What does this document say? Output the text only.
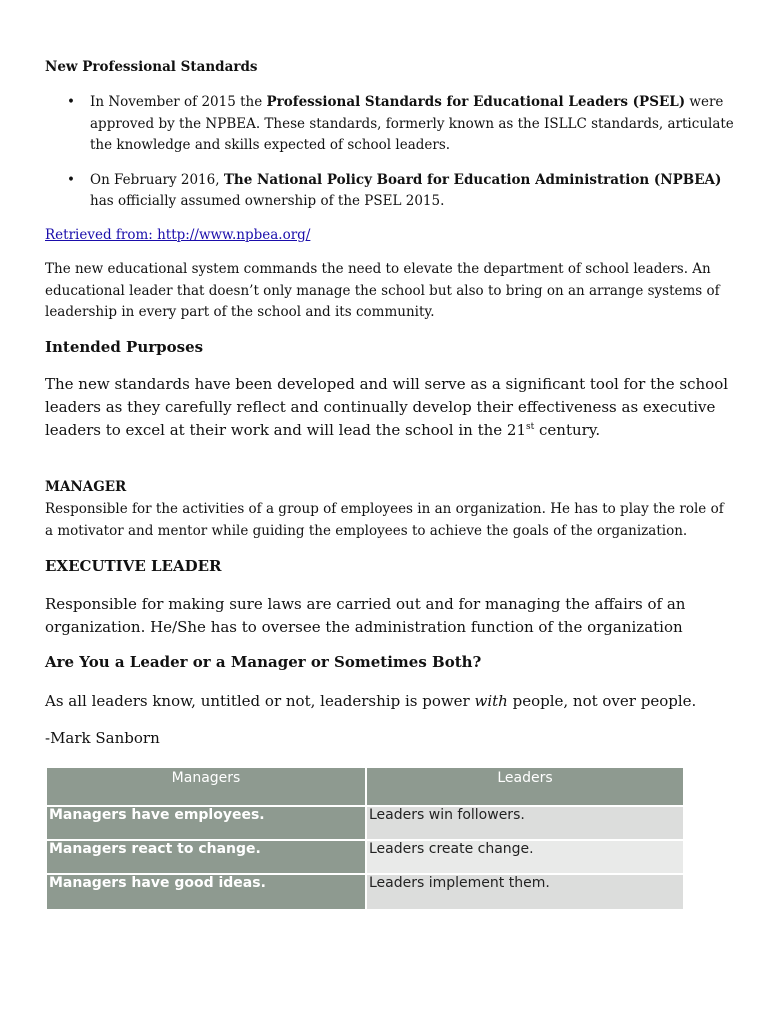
New Professional Standards
• In November of 2015 the Professional Standards for Educational Leaders (PSEL) were approved by the NPBEA. These standards, formerly known as the ISLLC standards, articulate the knowledge and skills expected of school leaders.
• On February 2016, The National Policy Board for Education Administration (NPBEA) has officially assumed ownership of the PSEL 2015.
Retrieved from: http://www.npbea.org/
The new educational system commands the need to elevate the department of school leaders. An educational leader that doesn’t only manage the school but also to bring on an arrange systems of leadership in every part of the school and its community.
Intended Purposes
The new standards have been developed and will serve as a significant tool for the school leaders as they carefully reflect and continually develop their effectiveness as executive leaders to excel at their work and will lead the school in the 21st century.
MANAGER
Responsible for the activities of a group of employees in an organization. He has to play the role of a motivator and mentor while guiding the employees to achieve the goals of the organization.
EXECUTIVE LEADER
Responsible for making sure laws are carried out and for managing the affairs of an organization. He/She has to oversee the administration function of the organization
Are You a Leader or a Manager or Sometimes Both?
As all leaders know, untitled or not, leadership is power with people, not over people.
-Mark Sanborn
Managers	Leaders
Managers have employees.	Leaders win followers.
Managers react to change.	Leaders create change.
Managers have good ideas.	Leaders implement them.
